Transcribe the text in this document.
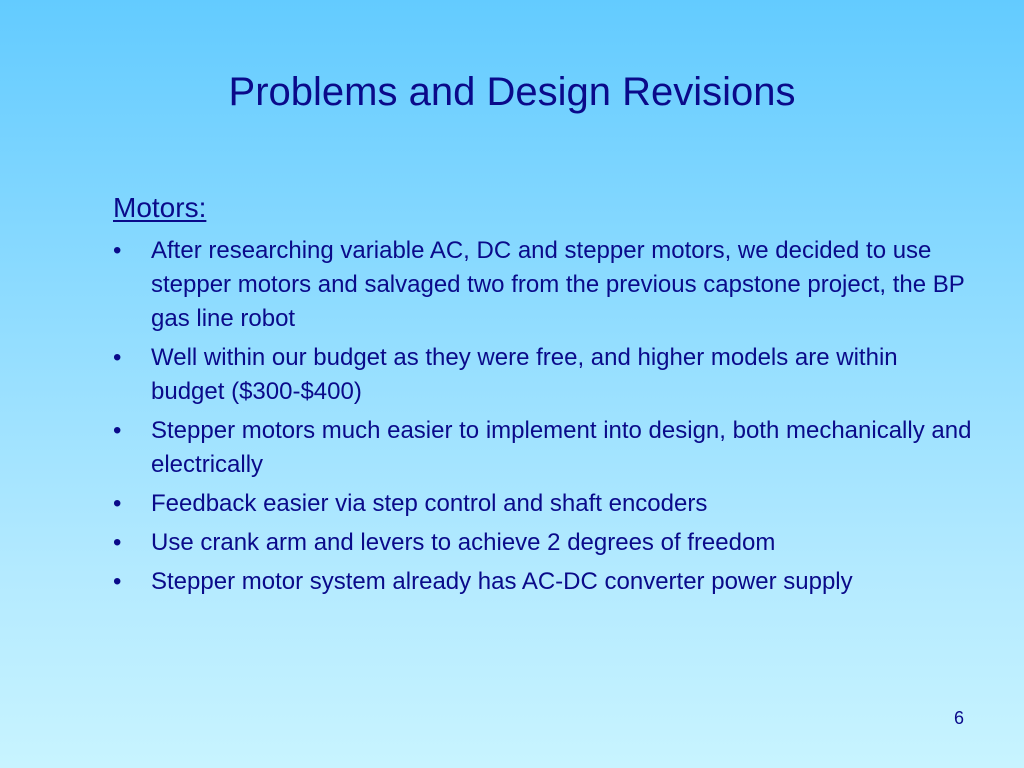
Problems and Design Revisions
Motors:
• After researching variable AC, DC and stepper motors, we decided to use stepper motors and salvaged two from the previous capstone project, the BP gas line robot
• Well within our budget as they were free, and higher models are within budget ($300-$400)
• Stepper motors much easier to implement into design, both mechanically and electrically
• Feedback easier via step control and shaft encoders
• Use crank arm and levers to achieve 2 degrees of freedom
• Stepper motor system already has AC-DC converter power supply
6
